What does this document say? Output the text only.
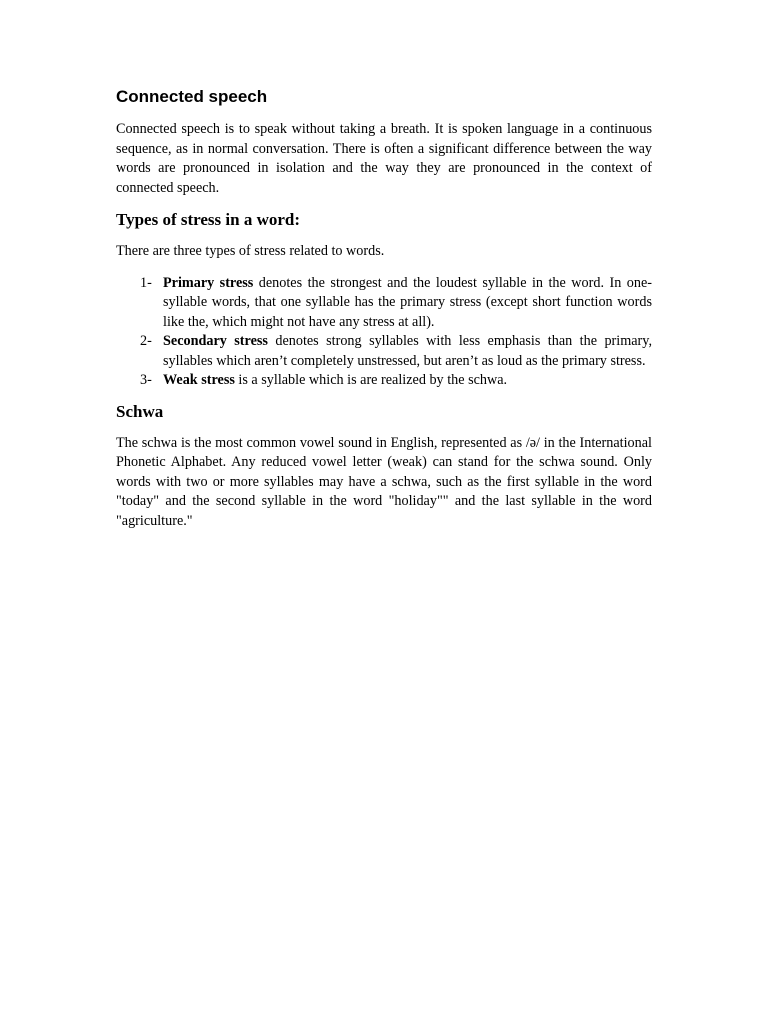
Connected speech

Connected speech is to speak without taking a breath. It is spoken language in a continuous sequence, as in normal conversation. There is often a significant difference between the way words are pronounced in isolation and the way they are pronounced in the context of connected speech.

Types of stress in a word:

There are three types of stress related to words.

1- Primary stress denotes the strongest and the loudest syllable in the word. In one-syllable words, that one syllable has the primary stress (except short function words like the, which might not have any stress at all).
2- Secondary stress denotes strong syllables with less emphasis than the primary, syllables which aren’t completely unstressed, but aren’t as loud as the primary stress.
3- Weak stress is a syllable which is are realized by the schwa.
Schwa

The schwa is the most common vowel sound in English, represented as /ə/ in the International Phonetic Alphabet. Any reduced vowel letter (weak) can stand for the schwa sound. Only words with two or more syllables may have a schwa, such as the first syllable in the word "today" and the second syllable in the word "holiday"" and the last syllable in the word "agriculture."
